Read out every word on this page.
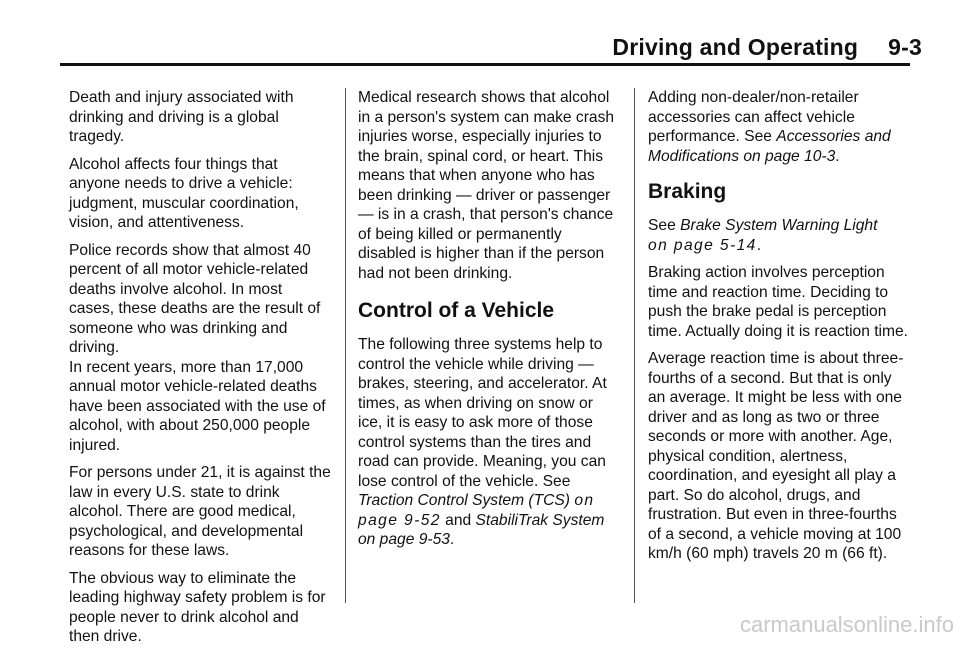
Driving and Operating 9-3

Death and injury associated with drinking and driving is a global tragedy.

Alcohol affects four things that anyone needs to drive a vehicle: judgment, muscular coordination, vision, and attentiveness.

Police records show that almost 40 percent of all motor vehicle-related deaths involve alcohol. In most cases, these deaths are the result of someone who was drinking and driving.

In recent years, more than 17,000 annual motor vehicle-related deaths have been associated with the use of alcohol, with about 250,000 people injured.

For persons under 21, it is against the law in every U.S. state to drink alcohol. There are good medical, psychological, and developmental reasons for these laws.

The obvious way to eliminate the leading highway safety problem is for people never to drink alcohol and then drive.

Medical research shows that alcohol in a person's system can make crash injuries worse, especially injuries to the brain, spinal cord, or heart. This means that when anyone who has been drinking — driver or passenger — is in a crash, that person's chance of being killed or permanently disabled is higher than if the person had not been drinking.

Control of a Vehicle

The following three systems help to control the vehicle while driving — brakes, steering, and accelerator. At times, as when driving on snow or ice, it is easy to ask more of those control systems than the tires and road can provide. Meaning, you can lose control of the vehicle. See Traction Control System (TCS) on page 9-52 and StabiliTrak System on page 9-53.

Adding non-dealer/non-retailer accessories can affect vehicle performance. See Accessories and Modifications on page 10-3.

Braking

See Brake System Warning Light
on page 5-14.

Braking action involves perception time and reaction time. Deciding to push the brake pedal is perception time. Actually doing it is reaction time.

Average reaction time is about three-fourths of a second. But that is only an average. It might be less with one driver and as long as two or three seconds or more with another. Age, physical condition, alertness, coordination, and eyesight all play a part. So do alcohol, drugs, and frustration. But even in three-fourths of a second, a vehicle moving at 100 km/h (60 mph) travels 20 m (66 ft).

carmanualsonline.info
